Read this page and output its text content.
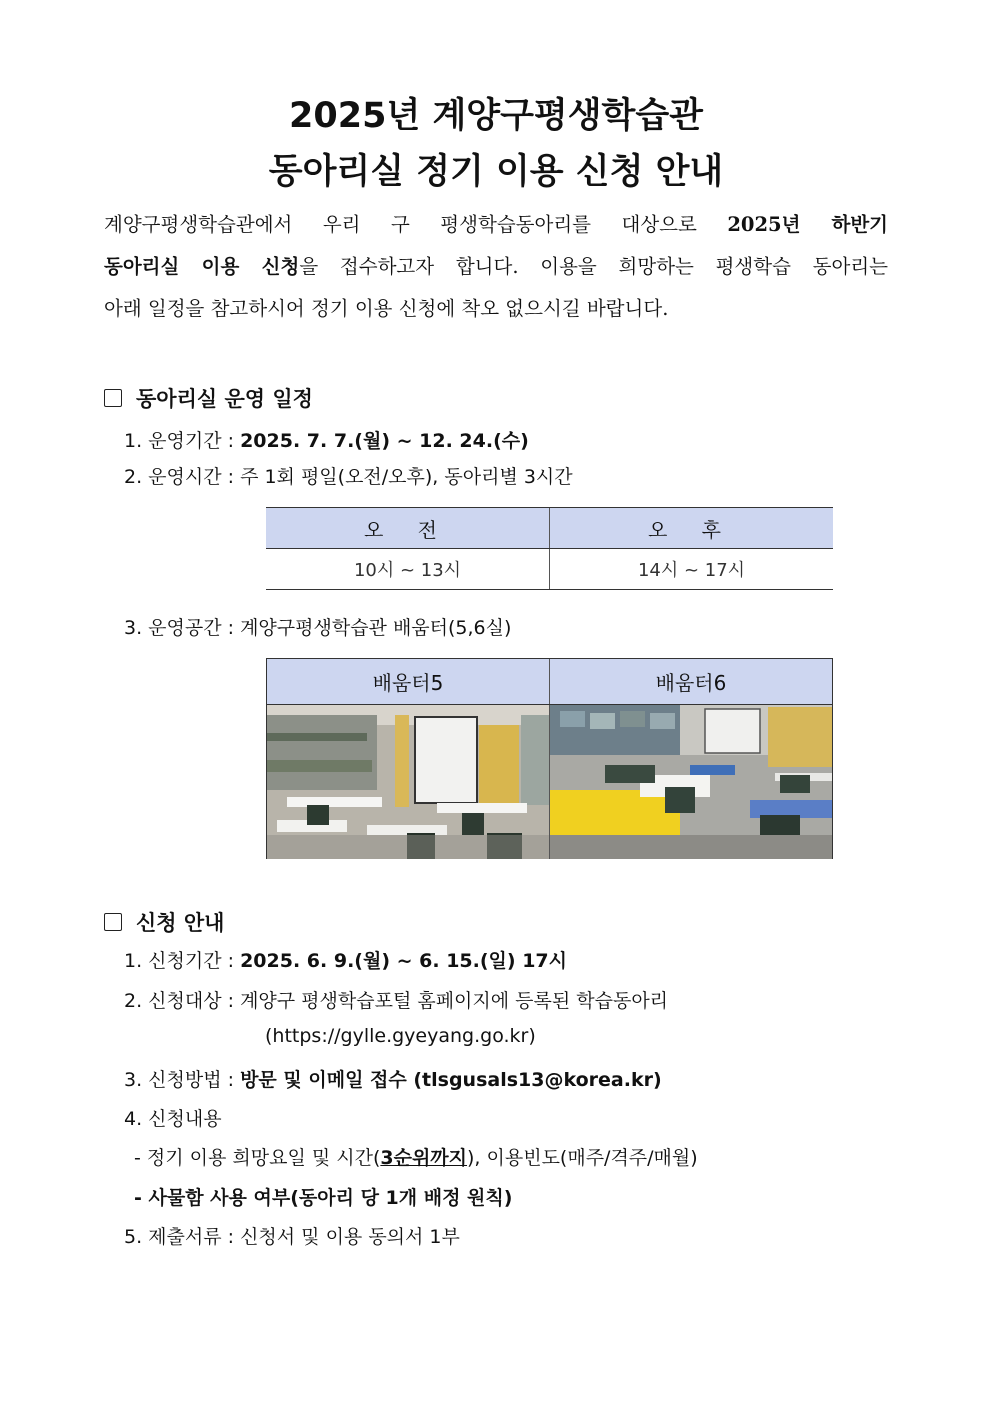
2025년 계양구평생학습관
동아리실 정기 이용 신청 안내
계양구평생학습관에서 우리 구 평생학습동아리를 대상으로 2025년 하반기
동아리실 이용 신청을 접수하고자 합니다. 이용을 희망하는 평생학습 동아리는
아래 일정을 참고하시어 정기 이용 신청에 착오 없으시길 바랍니다.
동아리실 운영 일정
1. 운영기간 : 2025. 7. 7.(월) ~ 12. 24.(수)
2. 운영시간 : 주 1회 평일(오전/오후), 동아리별 3시간
오 전	오 후
10시 ~ 13시	14시 ~ 17시
3. 운영공간 : 계양구평생학습관 배움터(5,6실)
배움터5	배움터6
신청 안내
1. 신청기간 : 2025. 6. 9.(월) ~ 6. 15.(일) 17시
2. 신청대상 : 계양구 평생학습포털 홈페이지에 등록된 학습동아리
(https://gylle.gyeyang.go.kr)
3. 신청방법 : 방문 및 이메일 접수 (tlsgusals13@korea.kr)
4. 신청내용
- 정기 이용 희망요일 및 시간(3순위까지), 이용빈도(매주/격주/매월)
- 사물함 사용 여부(동아리 당 1개 배정 원칙)
5. 제출서류 : 신청서 및 이용 동의서 1부
